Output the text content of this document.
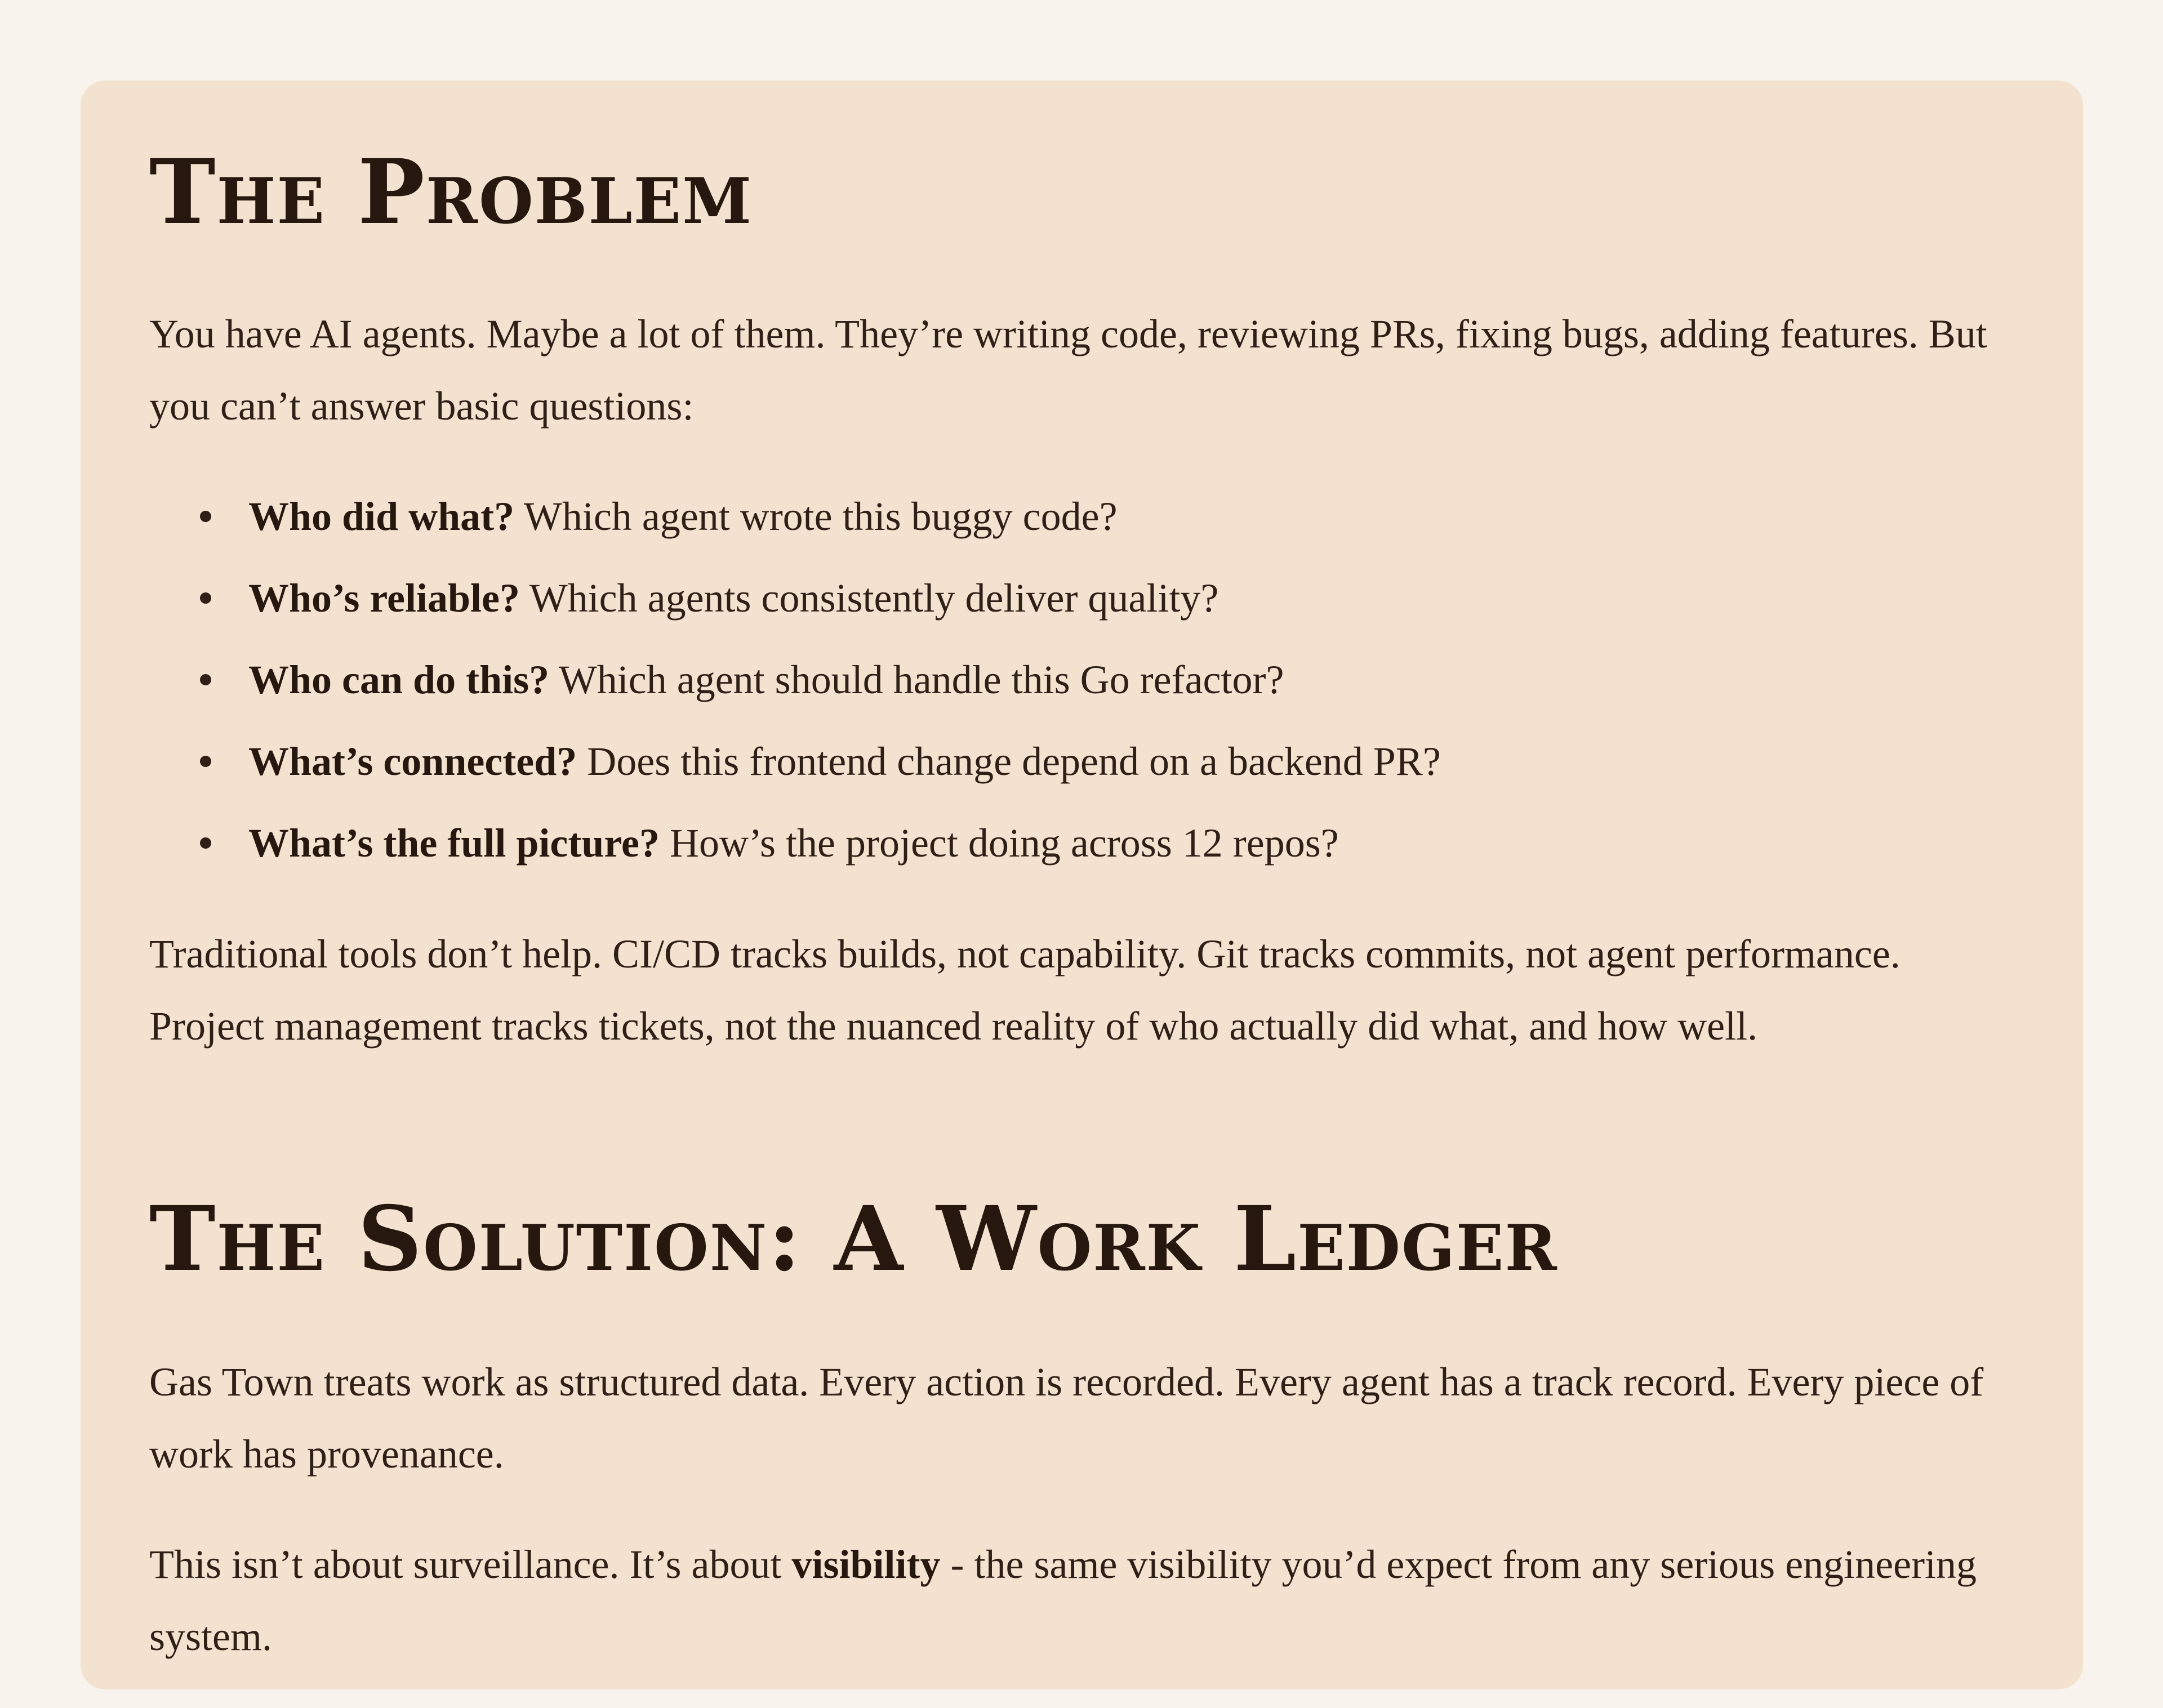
The Problem

You have AI agents. Maybe a lot of them. They’re writing code, reviewing PRs, fixing bugs, adding features. But you can’t answer basic questions:

Who did what? Which agent wrote this buggy code?
Who’s reliable? Which agents consistently deliver quality?
Who can do this? Which agent should handle this Go refactor?
What’s connected? Does this frontend change depend on a backend PR?
What’s the full picture? How’s the project doing across 12 repos?

Traditional tools don’t help. CI/CD tracks builds, not capability. Git tracks commits, not agent performance. Project management tracks tickets, not the nuanced reality of who actually did what, and how well.

The Solution: A Work Ledger

Gas Town treats work as structured data. Every action is recorded. Every agent has a track record. Every piece of work has provenance.

This isn’t about surveillance. It’s about visibility - the same visibility you’d expect from any serious engineering system.
